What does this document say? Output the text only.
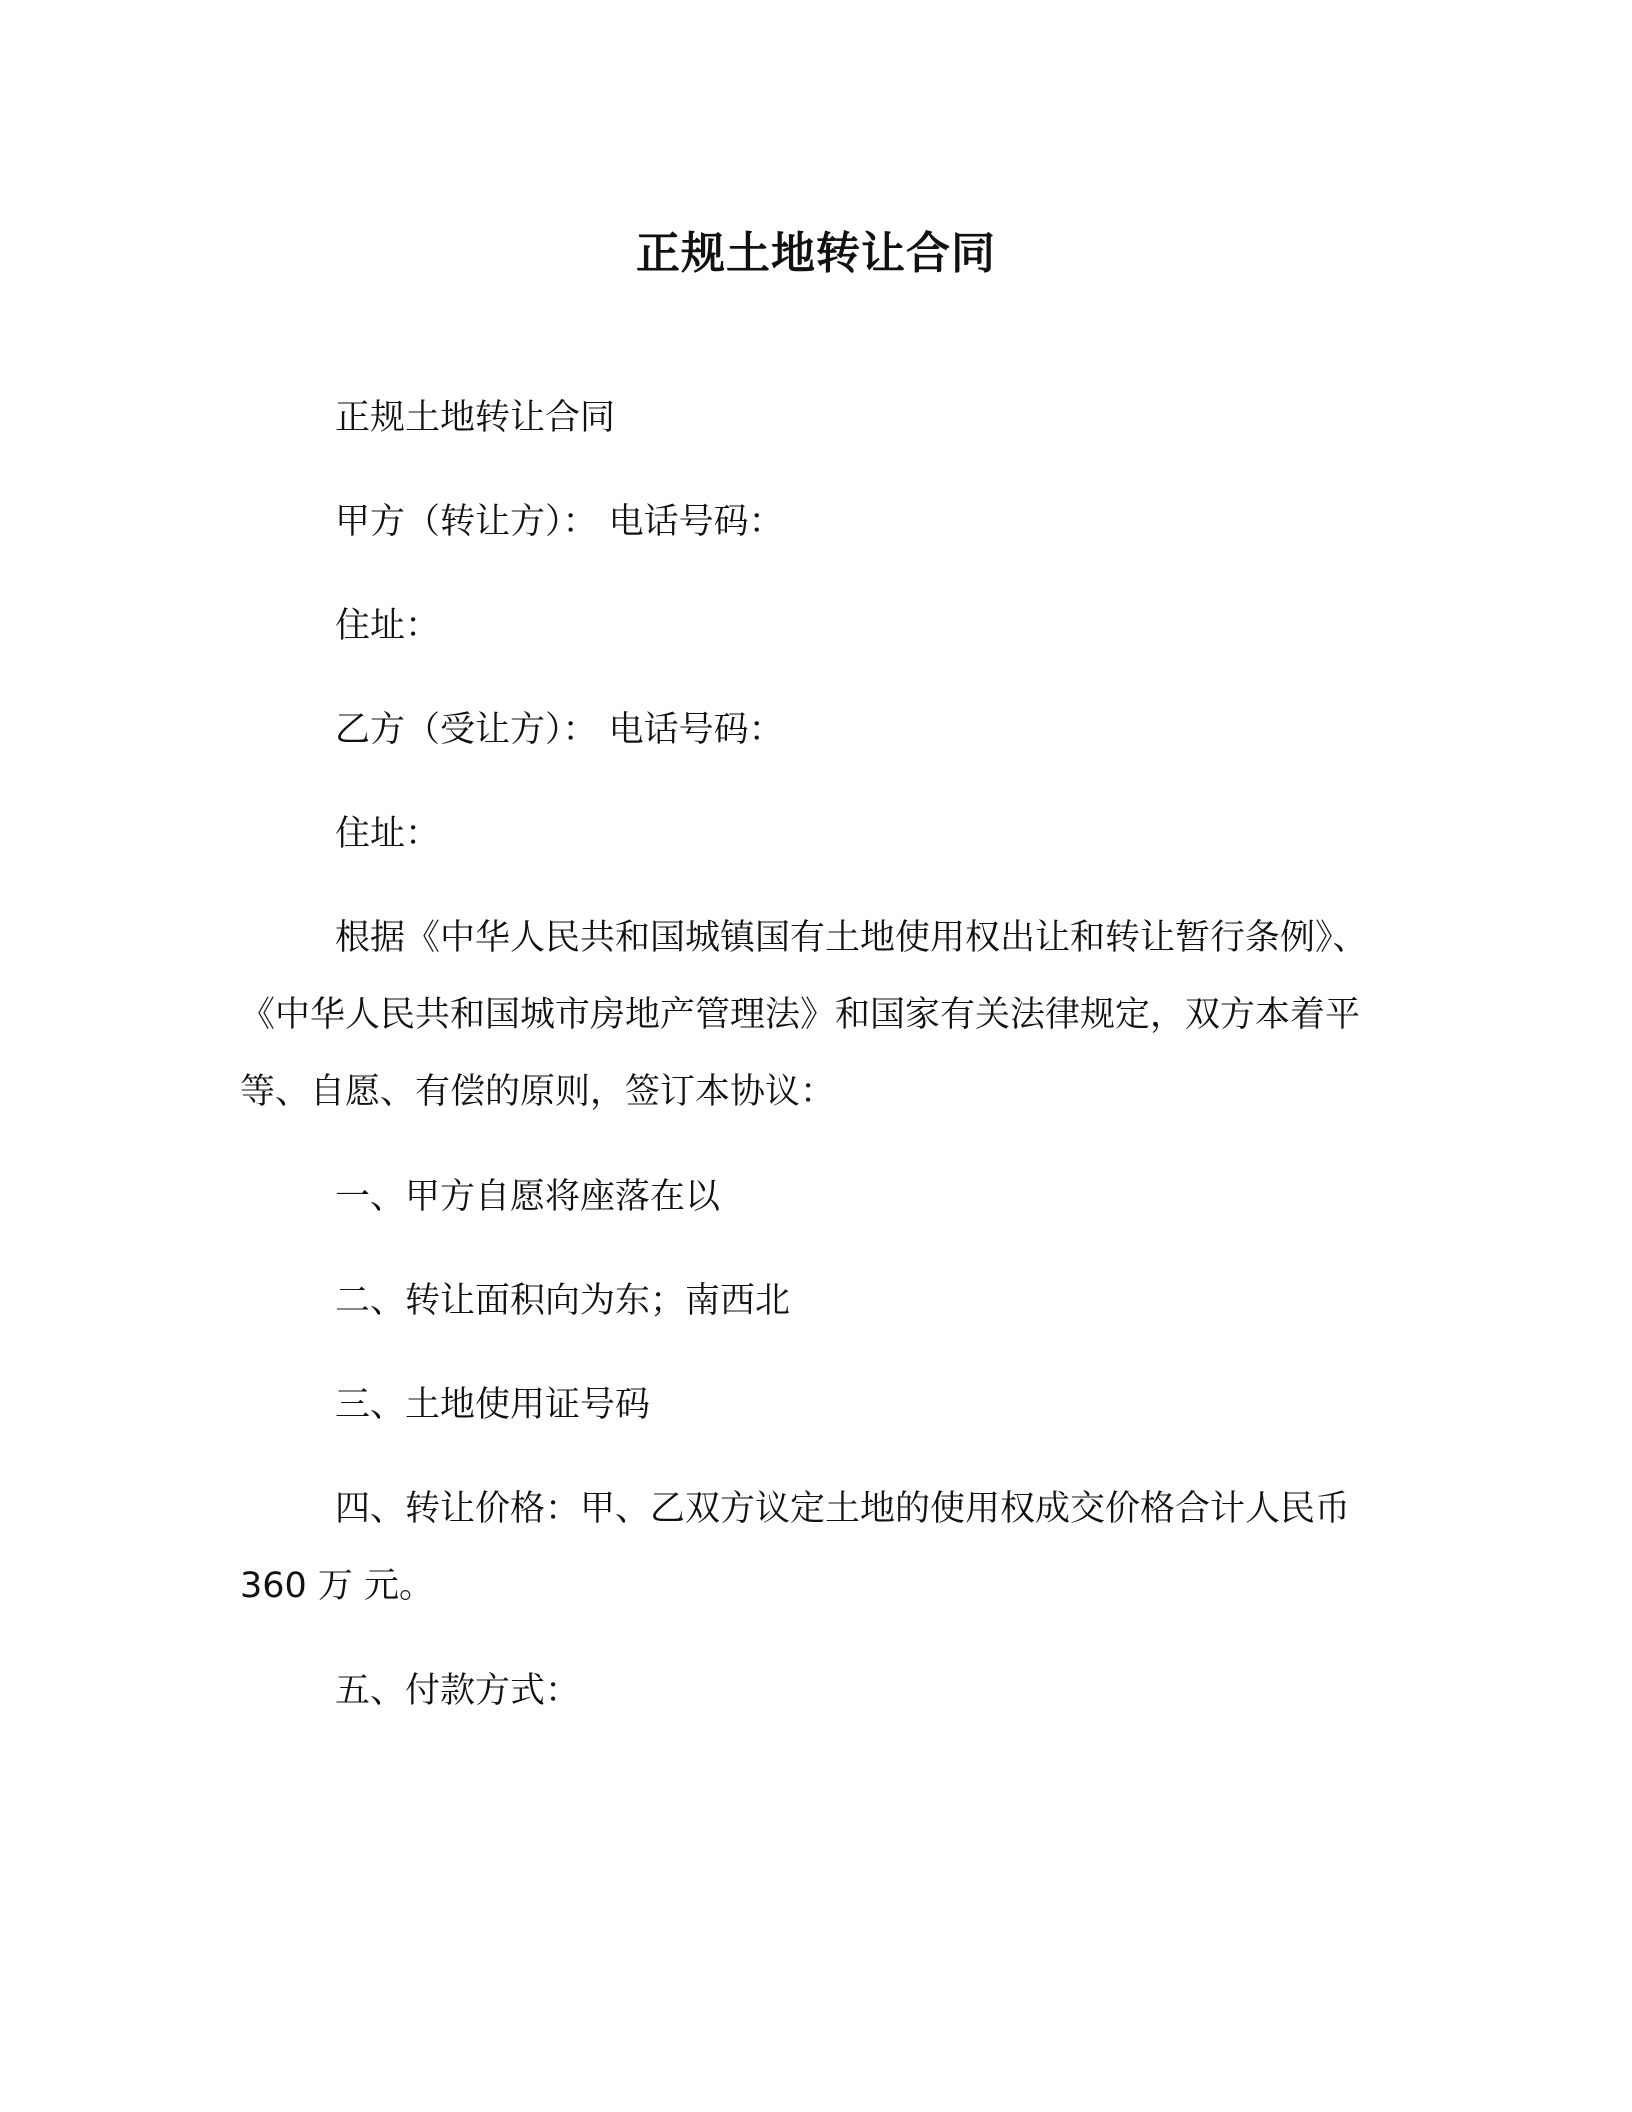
正规土地转让合同

正规土地转让合同

甲方（转让方）： 电话号码：

住址：

乙方（受让方）： 电话号码：

住址：

根据《中华人民共和国城镇国有土地使用权出让和转让暂行条例》、《中华人民共和国城市房地产管理法》和国家有关法律规定，双方本着平等、自愿、有偿的原则，签订本协议：

一、甲方自愿将座落在以

二、转让面积向为东；南西北

三、土地使用证号码

四、转让价格：甲、乙双方议定土地的使用权成交价格合计人民币 360 万 元。

五、付款方式：
